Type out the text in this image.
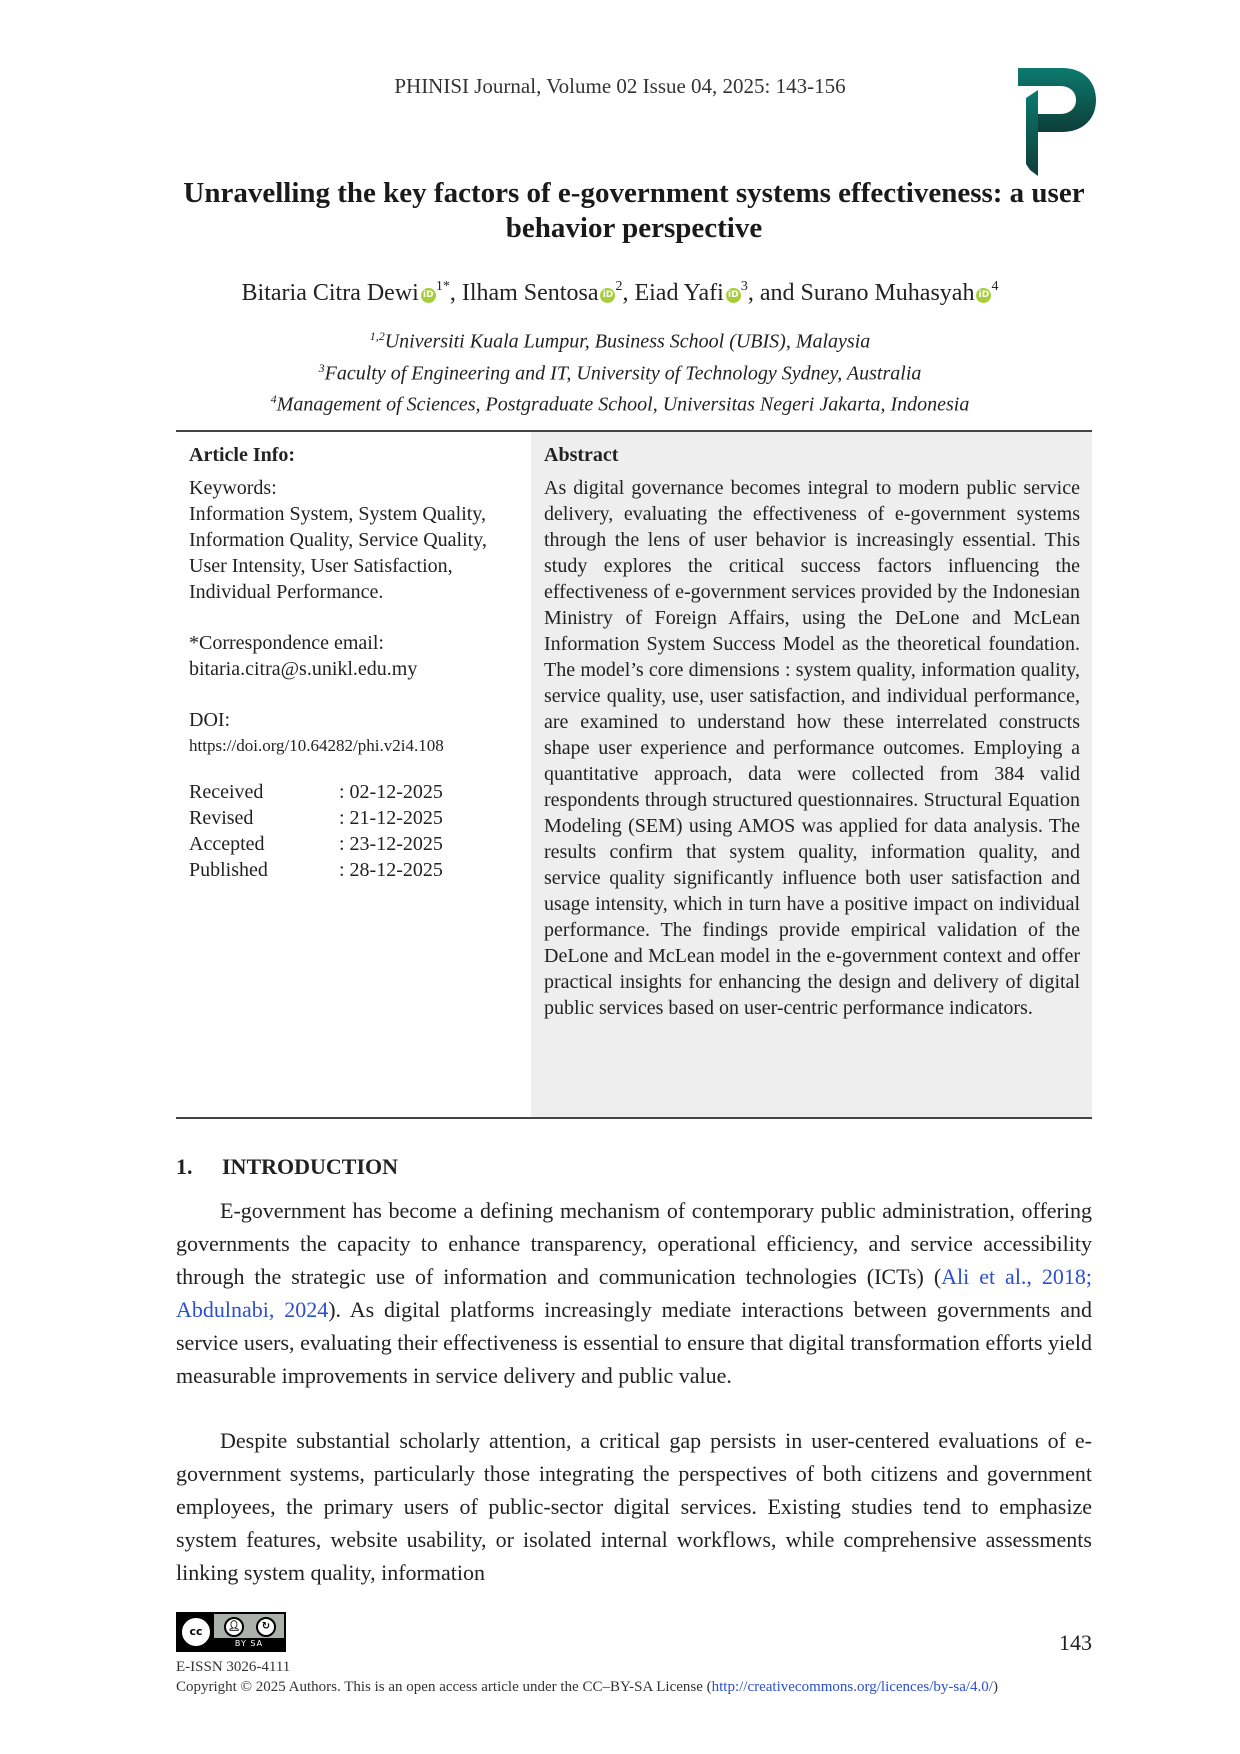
PHINISI Journal, Volume 02 Issue 04, 2025: 143-156
Unravelling the key factors of e-government systems effectiveness: a user behavior perspective
Bitaria Citra Dewi $iD^{1*}$, Ilham Sentosa $iD^2$, Eiad Yafi $iD^3$, and Surano Muhasyah $iD^4$
$^{1,2}$Universiti Kuala Lumpur, Business School (UBIS), Malaysia
$^3$Faculty of Engineering and IT, University of Technology Sydney, Australia
$^4$Management of Sciences, Postgraduate School, Universitas Negeri Jakarta, Indonesia
Article Info:
Keywords:
Information System, System Quality, Information Quality, Service Quality, User Intensity, User Satisfaction, Individual Performance.
*Correspondence email:
bitaria.citra@s.unikl.edu.my
DOI:
https://doi.org/10.64282/phi.v2i4.108
Received	: 02-12-2025
Revised	: 21-12-2025
Accepted	: 23-12-2025
Published	: 28-12-2025
Abstract

As digital governance becomes integral to modern public service delivery, evaluating the effectiveness of e-government systems through the lens of user behavior is increasingly essential. This study explores the critical success factors influencing the effectiveness of e-government services provided by the Indonesian Ministry of Foreign Affairs, using the DeLone and McLean Information System Success Model as the theoretical foundation. The model’s core dimensions : system quality, information quality, service quality, use, user satisfaction, and individual performance, are examined to understand how these interrelated constructs shape user experience and performance outcomes. Employing a quantitative approach, data were collected from 384 valid respondents through structured questionnaires. Structural Equation Modeling (SEM) using AMOS was applied for data analysis. The results confirm that system quality, information quality, and service quality significantly influence both user satisfaction and usage intensity, which in turn have a positive impact on individual performance. The findings provide empirical validation of the DeLone and McLean model in the e-government context and offer practical insights for enhancing the design and delivery of digital public services based on user-centric performance indicators.

1. INTRODUCTION

E-government has become a defining mechanism of contemporary public administration, offering governments the capacity to enhance transparency, operational efficiency, and service accessibility through the strategic use of information and communication technologies (ICTs) (Ali et al., 2018; Abdulnabi, 2024). As digital platforms increasingly mediate interactions between governments and service users, evaluating their effectiveness is essential to ensure that digital transformation efforts yield measurable improvements in service delivery and public value.

Despite substantial scholarly attention, a critical gap persists in user-centered evaluations of e-government systems, particularly those integrating the perspectives of both citizens and government employees, the primary users of public-sector digital services. Existing studies tend to emphasize system features, website usability, or isolated internal workflows, while comprehensive assessments linking system quality, information

cc	👤︎	↻
BY SA	143
E-ISSN 3026-4111
Copyright © 2025 Authors. This is an open access article under the CC–BY-SA License (http://creativecommons.org/licences/by-sa/4.0/)
